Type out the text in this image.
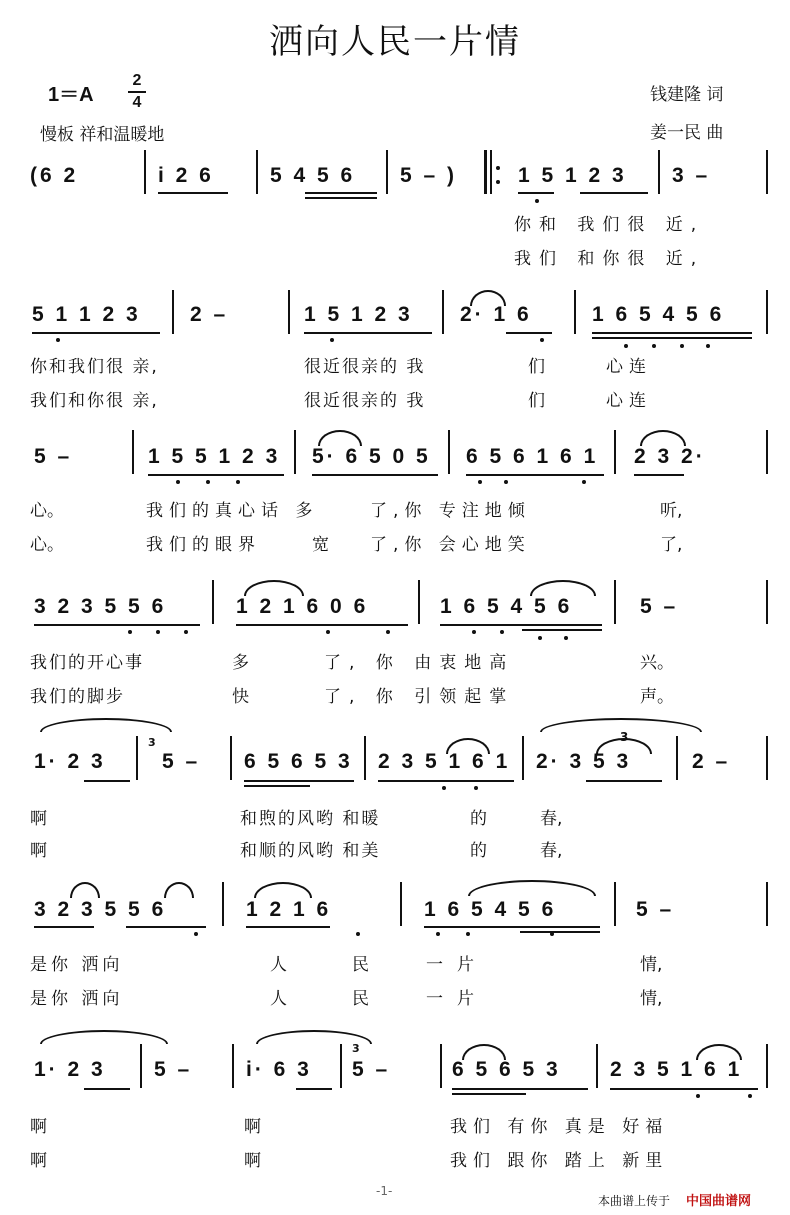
洒向人民一片情
1＝A
2
4
慢板 祥和温暖地
钱建隆 词
姜一民 曲
(6 2	i 2 6	5 4 5 6 5 – )	1 5 1 2 3 3 –
你和 我们很 近,
我们 和你很 近,
5 1 1 2 3 2 –	1 5 1 2 3 2· 1 6	1 6 5 4 5 6
你和我们很 亲,	很近很亲的 我	们	心连
我们和你很 亲,	很近很亲的 我	们	心连
5 –	1 5 5 1 2 3 5· 6 5 0 5 6 5 6 1 6 1 2 3 2·
心。	我们的真心话 多	了,你 专注地倾	听,
心。	我们的眼界	宽 了,你 会心地笑	了,
3 2 3 5 5 6	1 2 1 6 0 6	1 6 5 4 5 6	5 –
我们的开心事	多	了, 你 由衷地高	兴。
我们的脚步	快	了, 你 引领起掌	声。
1· 2 3	5 – 6 5 6 5 3 2 3 5 1 6 1 2· 3 5 3	2 –
3	3
啊	和煦的风哟 和暖	的	春,
啊	和顺的风哟 和美	的	春,
3 2 3 5 5 6	1 2 1 6	1 6 5 4 5 6	5 –
是你 洒向	人	民	一片	情,
是你 洒向	人	民	一片	情,
1· 2 3 5 –	i· 6 3 5 –	6 5 6 5 3 2 3 5 1 6 1
3
啊	啊	我们 有你 真是 好福
啊	啊	我们 跟你 踏上 新里
-1-
本曲谱上传于 中国曲谱网
